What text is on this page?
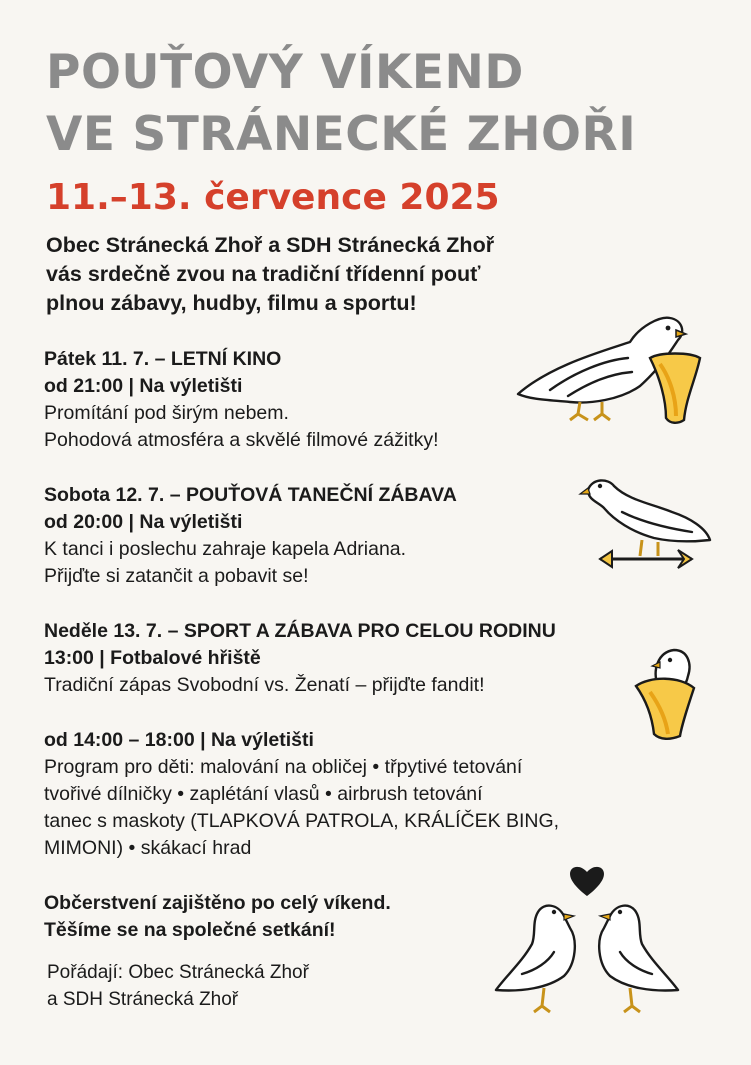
POUŤOVÝ VÍKEND
VE STRÁNECKÉ ZHOŘI
11.–13. července 2025
Obec Stránecká Zhoř a SDH Stránecká Zhoř
vás srdečně zvou na tradiční třídenní pouť
plnou zábavy, hudby, filmu a sportu!
Pátek 11. 7. – LETNÍ KINO
od 21:00 | Na výletišti
Promítání pod širým nebem.
Pohodová atmosféra a skvělé filmové zážitky!
Sobota 12. 7. – POUŤOVÁ TANEČNÍ ZÁBAVA
od 20:00 | Na výletišti
K tanci i poslechu zahraje kapela Adriana.
Přijďte si zatančit a pobavit se!
Neděle 13. 7. – SPORT A ZÁBAVA PRO CELOU RODINU
13:00 | Fotbalové hřiště
Tradiční zápas Svobodní vs. Ženatí – přijďte fandit!
od 14:00 – 18:00 | Na výletišti
Program pro děti: malování na obličej • třpytivé tetování
tvořivé dílničky • zaplétání vlasů • airbrush tetování
tanec s maskoty (TLAPKOVÁ PATROLA, KRÁLÍČEK BING,
MIMONI) • skákací hrad
Občerstvení zajištěno po celý víkend.
Těšíme se na společné setkání!
Pořádají: Obec Stránecká Zhoř
a SDH Stránecká Zhoř
